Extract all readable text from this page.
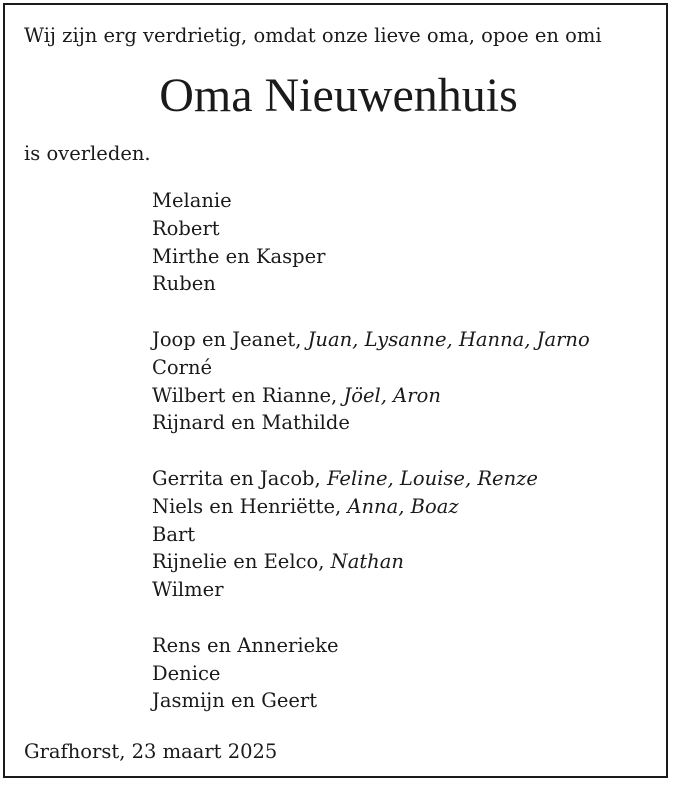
Wij zijn erg verdrietig, omdat onze lieve oma, opoe en omi
Oma Nieuwenhuis
is overleden.
Melanie
Robert
Mirthe en Kasper
Ruben
Joop en Jeanet, Juan, Lysanne, Hanna, Jarno
Corné
Wilbert en Rianne, Jöel, Aron
Rijnard en Mathilde
Gerrita en Jacob, Feline, Louise, Renze
Niels en Henriëtte, Anna, Boaz
Bart
Rijnelie en Eelco, Nathan
Wilmer
Rens en Annerieke
Denice
Jasmijn en Geert
Grafhorst, 23 maart 2025
